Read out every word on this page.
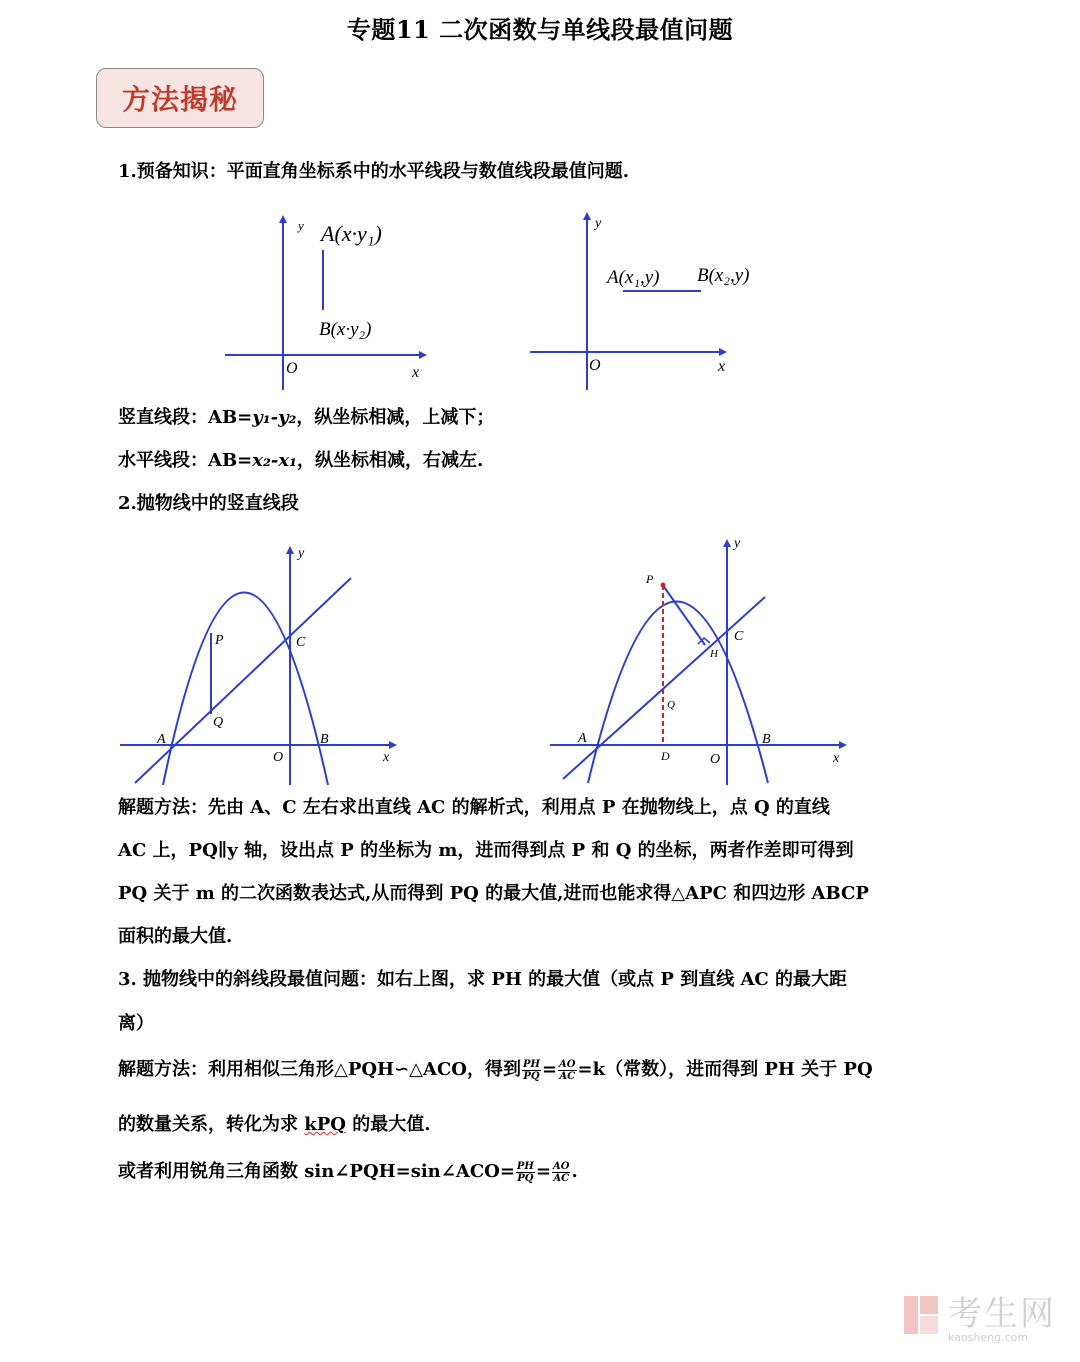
专题11 二次函数与单线段最值问题
方法揭秘
1.预备知识：平面直角坐标系中的水平线段与数值线段最值问题.
y
x
O
A(x·y₁)
B(x·y₂)
y
x
O
A(x₁,y) B(x₂,y)
竖直线段：AB=y₁-y₂，纵坐标相减，上减下；
水平线段：AB=x₂-x₁，纵坐标相减，右减左.
2.抛物线中的竖直线段
y
x
O
A	B
C
P
Q
y
x
O
A	B
C
P
Q
H
D
解题方法：先由 A、C 左右求出直线 AC 的解析式，利用点 P 在抛物线上，点 Q 的直线
AC 上，PQ∥y 轴，设出点 P 的坐标为 m，进而得到点 P 和 Q 的坐标，两者作差即可得到
PQ 关于 m 的二次函数表达式,从而得到 PQ 的最大值,进而也能求得△APC 和四边形 ABCP
面积的最大值.
3. 抛物线中的斜线段最值问题：如右上图，求 PH 的最大值（或点 P 到直线 AC 的最大距
离）
解题方法：利用相似三角形△PQH∽△ACO，得到 $\frac{PH}{PQ} = \frac{AO}{AC} =k$（常数），进而得到 PH 关于 PQ
的数量关系，转化为求 kPQ 的最大值.
或者利用锐角三角函数 sin∠PQH=sin∠ACO= $\frac{PH}{PQ} = \frac{AO}{AC}$ .
考生网
kaosheng.com
